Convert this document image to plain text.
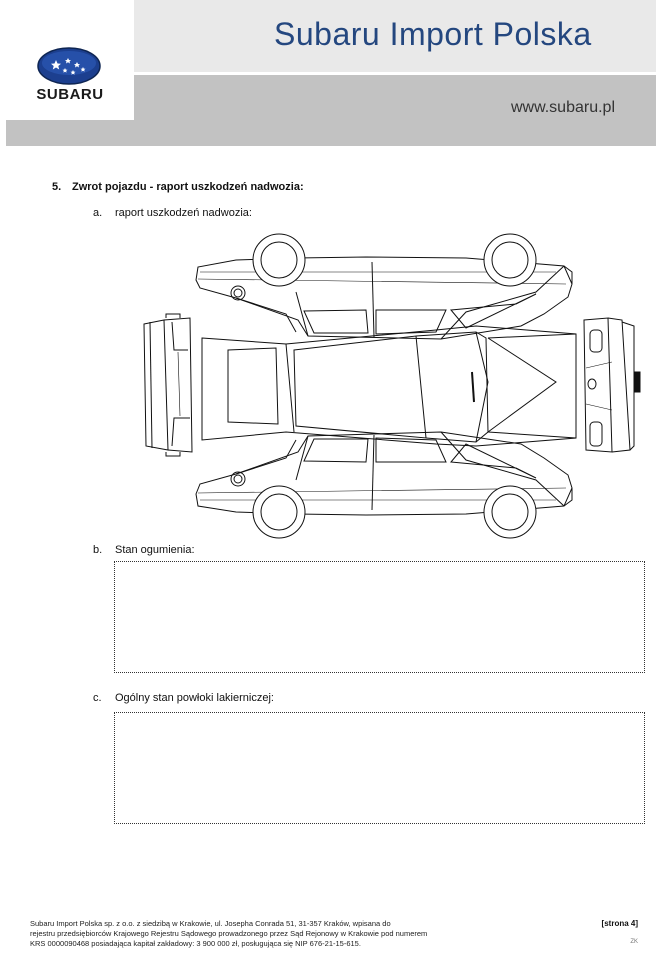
SUBARU
Subaru Import Polska
www.subaru.pl
5. Zwrot pojazdu - raport uszkodzeń nadwozia:
a. raport uszkodzeń nadwozia:
b. Stan ogumienia:
c. Ogólny stan powłoki lakierniczej:
Subaru Import Polska sp. z o.o. z siedzibą w Krakowie, ul. Josepha Conrada 51, 31-357 Kraków, wpisana do
rejestru przedsiębiorców Krajowego Rejestru Sądowego prowadzonego przez Sąd Rejonowy w Krakowie pod numerem
KRS 0000090468 posiadająca kapitał zakładowy: 3 900 000 zł, posługująca się NIP 676-21-15-615.
[strona 4]
ZK
